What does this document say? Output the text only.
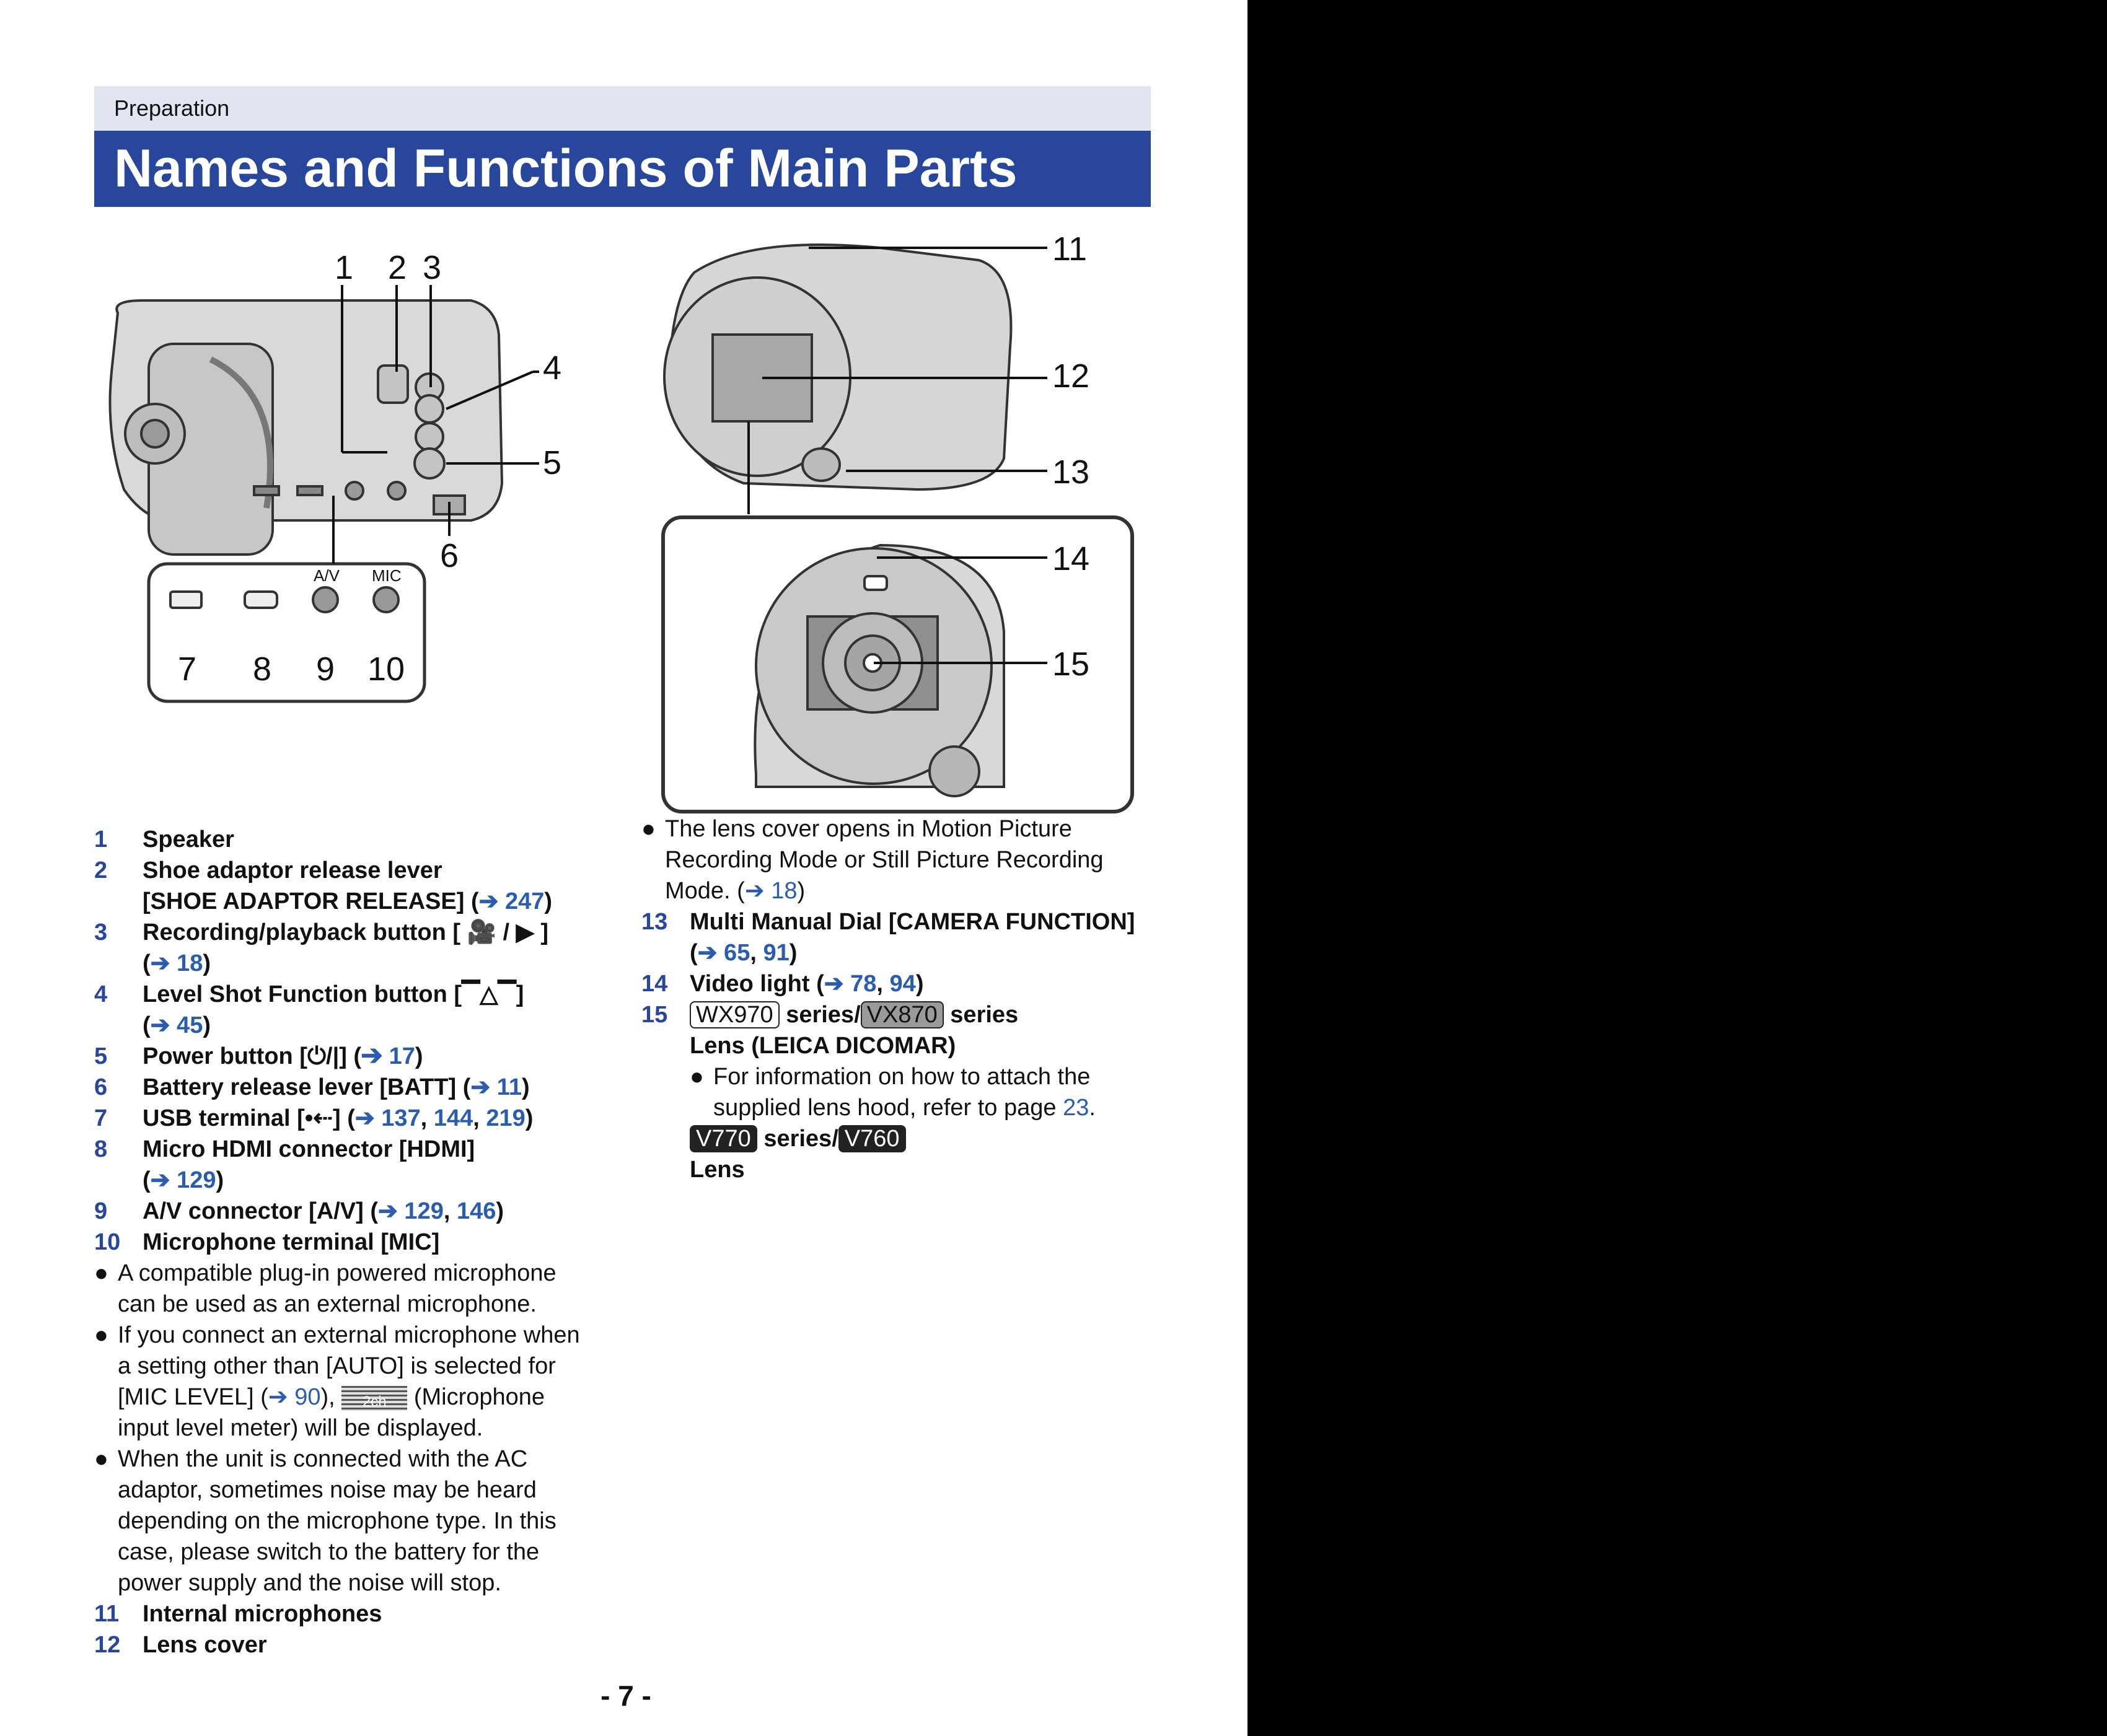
Preparation
Names and Functions of Main Parts
A/V MIC
1 2 3
4
5
6
7 8 9 10
11
12
13
14
15
1	Speaker
2	Shoe adaptor release lever
[SHOE ADAPTOR RELEASE] (➔ 247)
3	Recording/playback button [ 🎥 / ▶ ]
(➔ 18)
4	Level Shot Function button [▔△▔]
(➔ 45)
5	Power button [⏻/|] (➔ 17)
6	Battery release lever [BATT] (➔ 11)
7	USB terminal [•⇠] (➔ 137, 144, 219)
8	Micro HDMI connector [HDMI]
(➔ 129)
9	A/V connector [A/V] (➔ 129, 146)
10 Microphone terminal [MIC]
● A compatible plug-in powered microphone can be used as an external microphone.
● If you connect an external microphone when a setting other than [AUTO] is selected for [MIC LEVEL] (➔ 90), 2ch (Microphone input level meter) will be displayed.
● When the unit is connected with the AC adaptor, sometimes noise may be heard depending on the microphone type. In this case, please switch to the battery for the power supply and the noise will stop.
11 Internal microphones
12 Lens cover
● The lens cover opens in Motion Picture Recording Mode or Still Picture Recording Mode. (➔ 18)
13 Multi Manual Dial [CAMERA FUNCTION]
(➔ 65, 91)
14 Video light (➔ 78, 94)
15	WX970 series/ VX870 series
Lens (LEICA DICOMAR)
● For information on how to attach the supplied lens hood, refer to page 23.
V770 series/ V760
Lens
- 7 -
